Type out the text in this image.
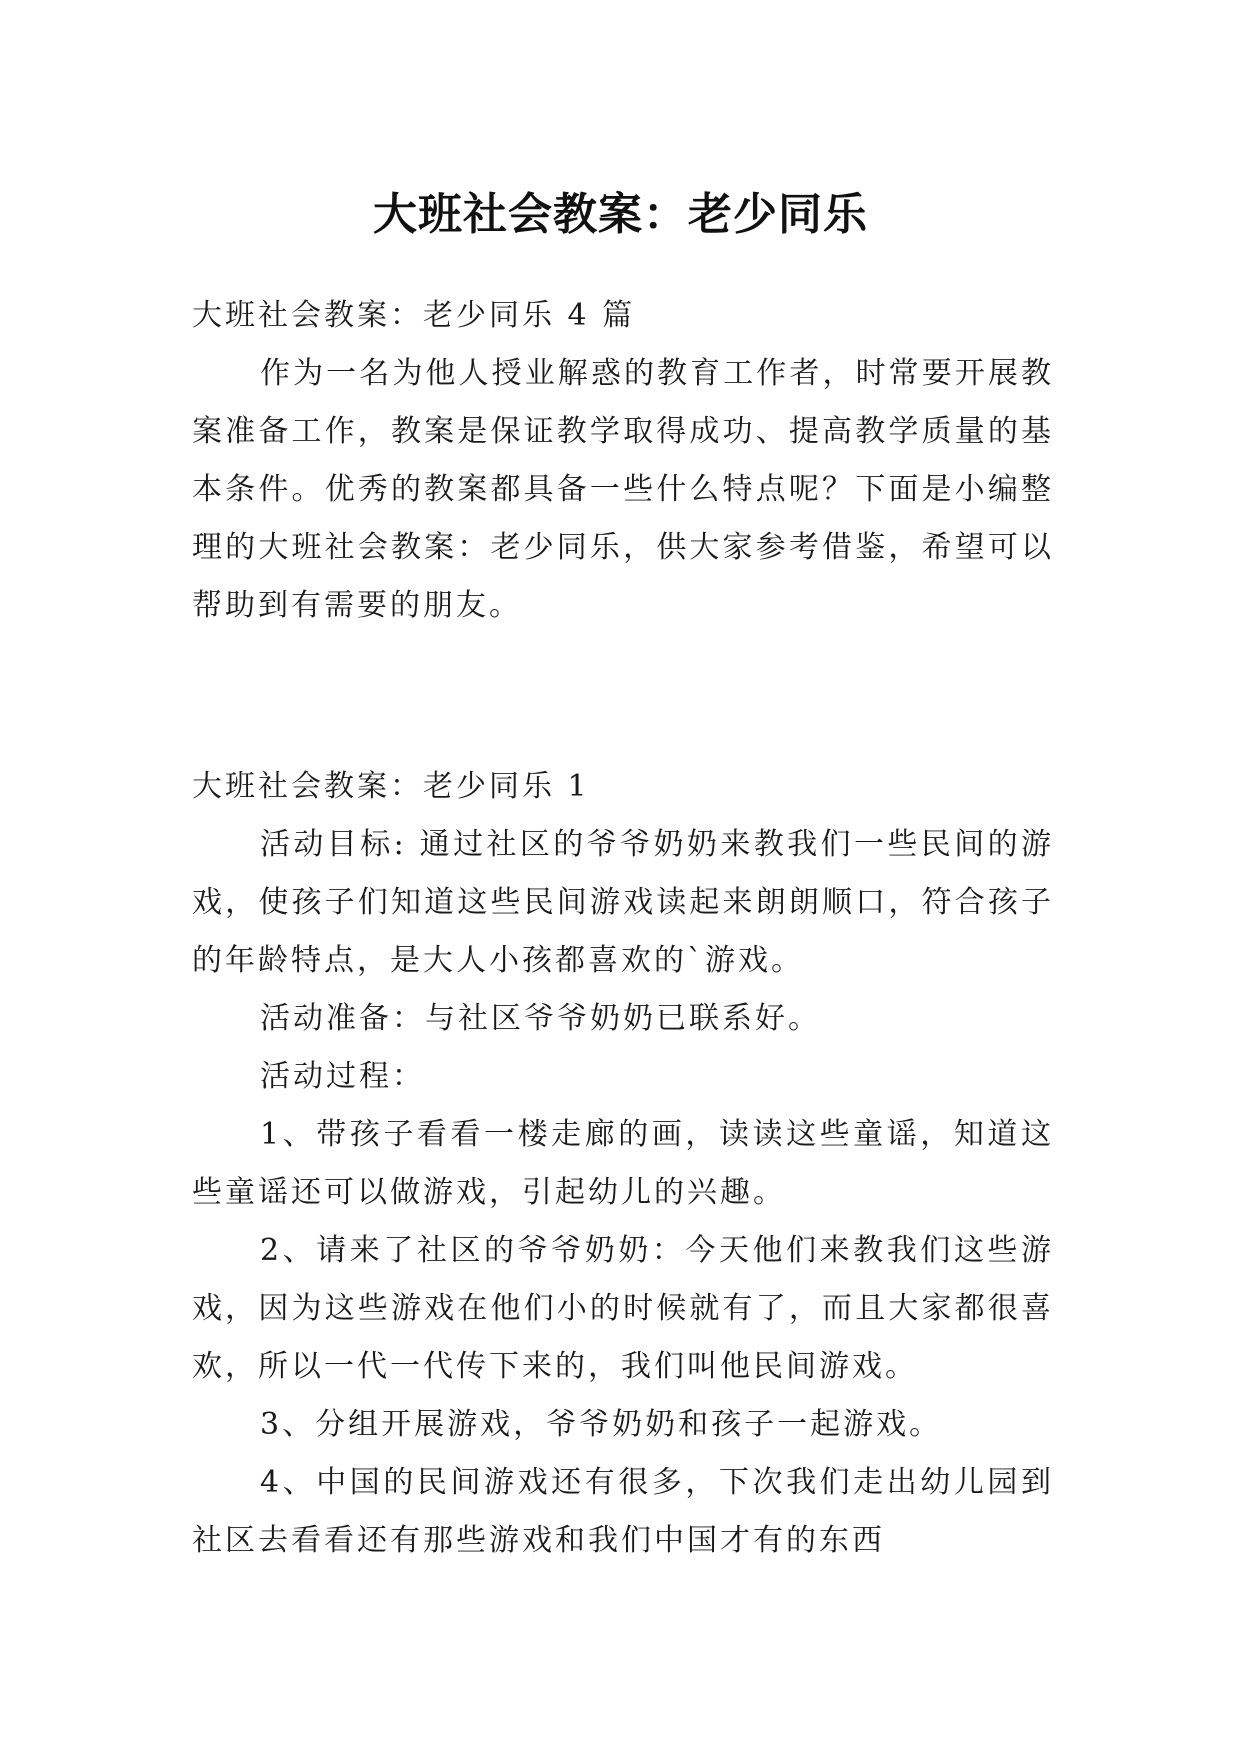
大班社会教案：老少同乐

大班社会教案：老少同乐 4 篇

作为一名为他人授业解惑的教育工作者，时常要开展教案准备工作，教案是保证教学取得成功、提高教学质量的基本条件。优秀的教案都具备一些什么特点呢？下面是小编整理的大班社会教案：老少同乐，供大家参考借鉴，希望可以帮助到有需要的朋友。

大班社会教案：老少同乐 1

活动目标: 通过社区的爷爷奶奶来教我们一些民间的游戏，使孩子们知道这些民间游戏读起来朗朗顺口，符合孩子的年龄特点，是大人小孩都喜欢的`游戏。

活动准备：与社区爷爷奶奶已联系好。

活动过程：

1、带孩子看看一楼走廊的画，读读这些童谣，知道这些童谣还可以做游戏，引起幼儿的兴趣。

2、请来了社区的爷爷奶奶：今天他们来教我们这些游戏，因为这些游戏在他们小的时候就有了，而且大家都很喜欢，所以一代一代传下来的，我们叫他民间游戏。

3、分组开展游戏，爷爷奶奶和孩子一起游戏。

4、中国的民间游戏还有很多，下次我们走出幼儿园到社区去看看还有那些游戏和我们中国才有的东西
